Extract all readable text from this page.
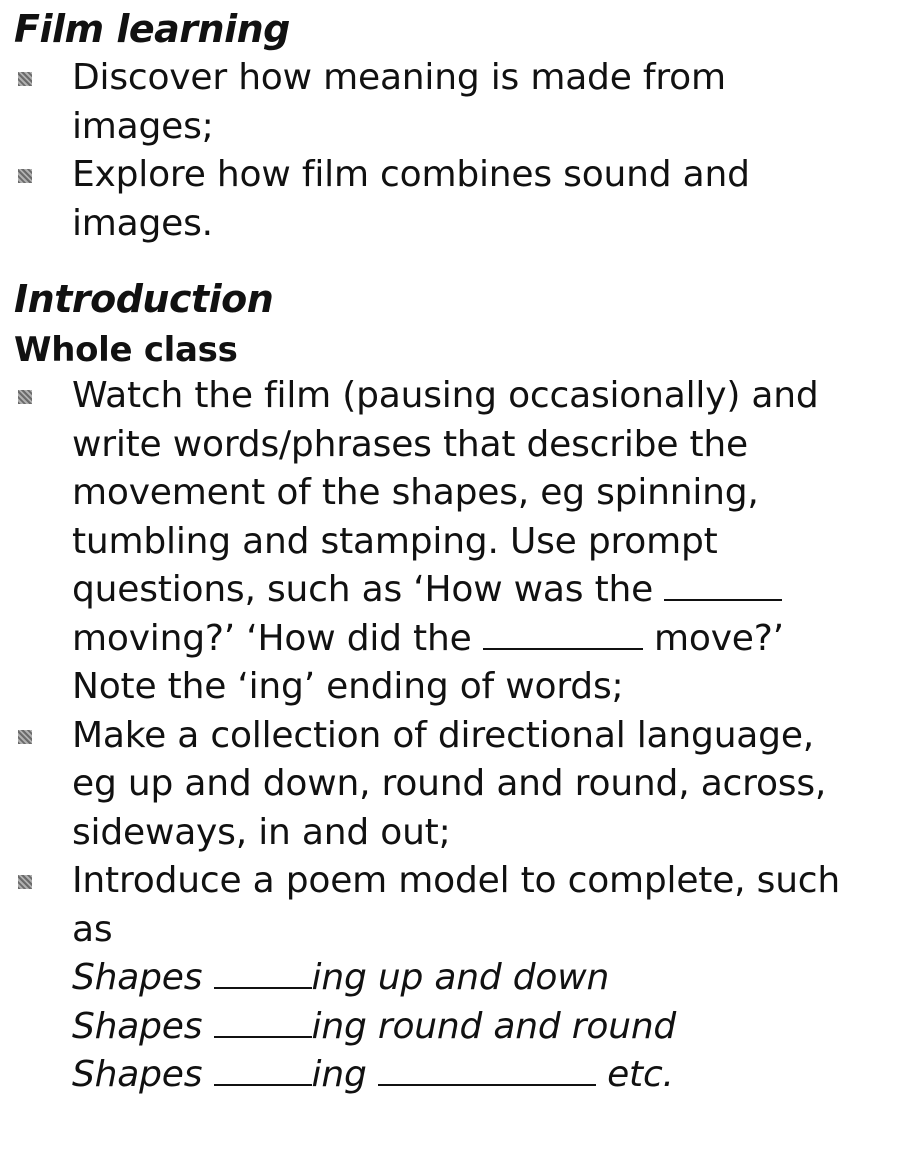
Film learning
Discover how meaning is made from
images;
Explore how film combines sound and
images.
Introduction
Whole class
Watch the film (pausing occasionally) and
write words/phrases that describe the
movement of the shapes, eg spinning,
tumbling and stamping. Use prompt
questions, such as ‘How was the
moving?’ ‘How did the	move?’
Note the ‘ing’ ending of words;
Make a collection of directional language,
eg up and down, round and round, across,
sideways, in and out;
Introduce a poem model to complete, such
as
Shapes	ing up and down
Shapes	ing round and round
Shapes	ing	etc.
